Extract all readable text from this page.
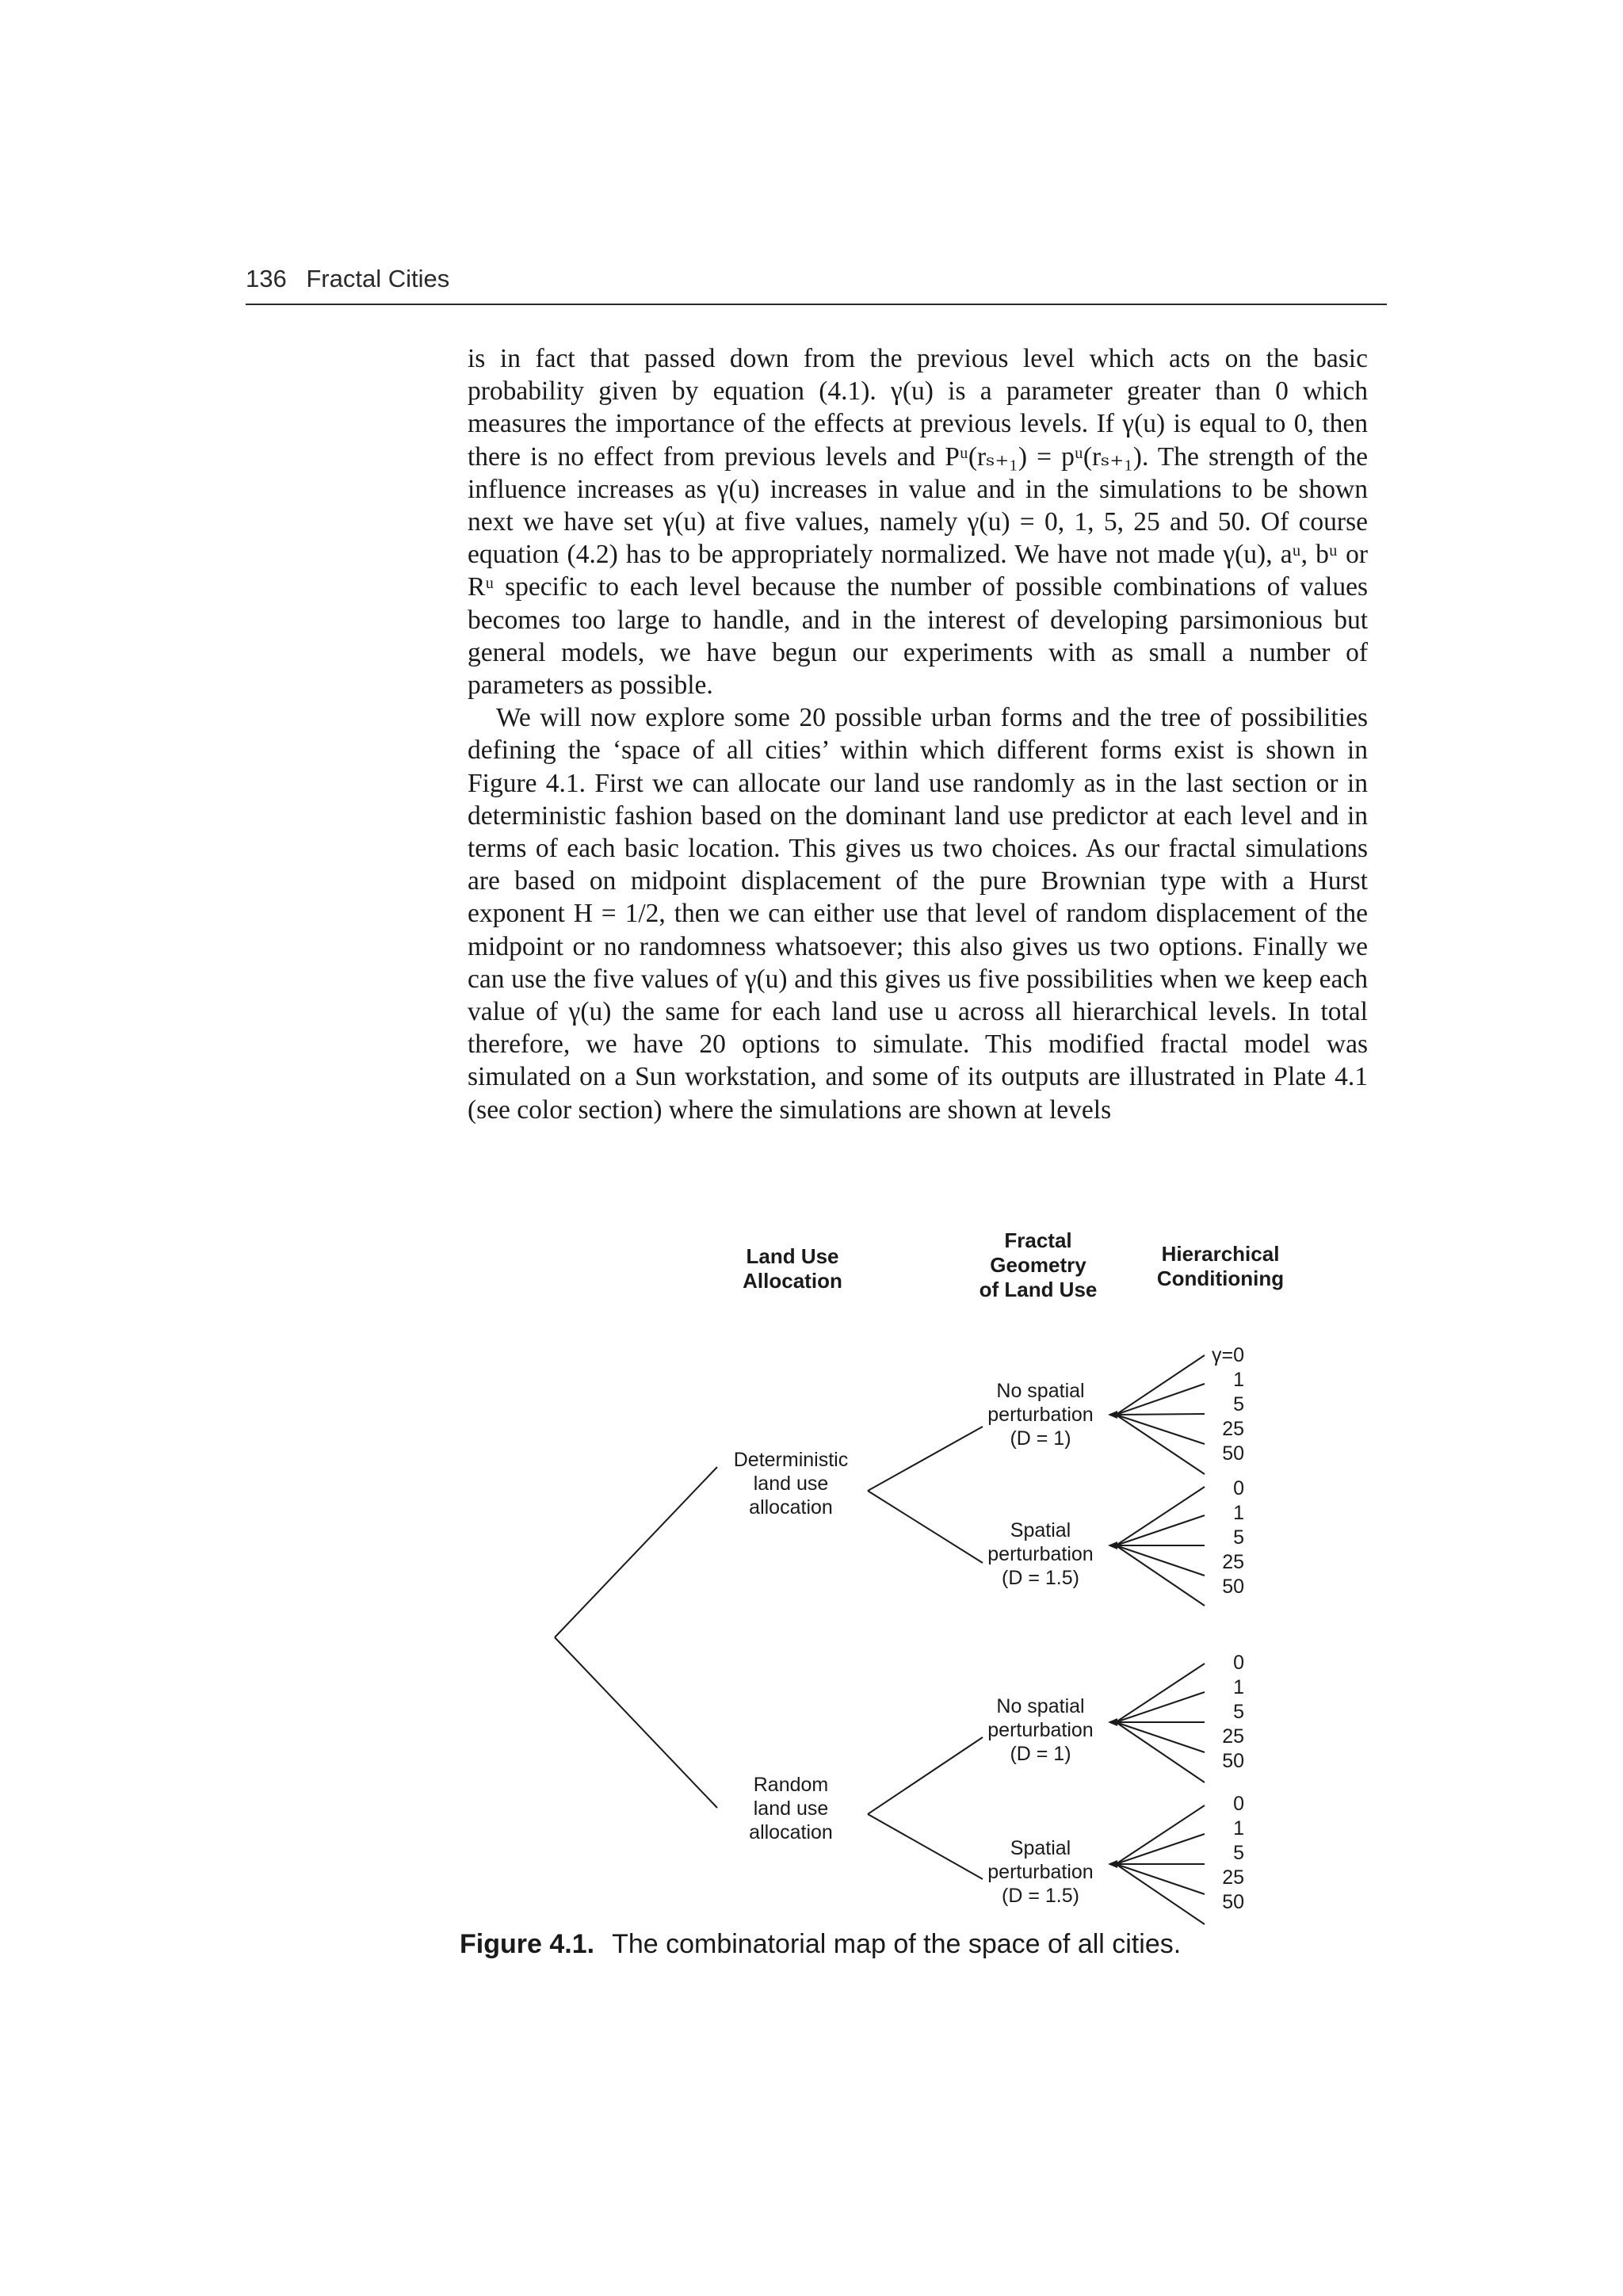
136 Fractal Cities

is in fact that passed down from the previous level which acts on the basic probability given by equation (4.1). γ(u) is a parameter greater than 0 which measures the importance of the effects at previous levels. If γ(u) is equal to 0, then there is no effect from previous levels and Pᵘ(rₛ₊₁) = pᵘ(rₛ₊₁). The strength of the influence increases as γ(u) increases in value and in the simulations to be shown next we have set γ(u) at five values, namely γ(u) = 0, 1, 5, 25 and 50. Of course equation (4.2) has to be appropriately normalized. We have not made γ(u), aᵘ, bᵘ or Rᵘ specific to each level because the number of possible combinations of values becomes too large to handle, and in the interest of developing parsimonious but general models, we have begun our experiments with as small a number of parameters as possible.

We will now explore some 20 possible urban forms and the tree of possibilities defining the ‘space of all cities’ within which different forms exist is shown in Figure 4.1. First we can allocate our land use randomly as in the last section or in deterministic fashion based on the dominant land use predictor at each level and in terms of each basic location. This gives us two choices. As our fractal simulations are based on midpoint displacement of the pure Brownian type with a Hurst exponent H = 1/2, then we can either use that level of random displacement of the midpoint or no randomness whatsoever; this also gives us two options. Finally we can use the five values of γ(u) and this gives us five possibilities when we keep each value of γ(u) the same for each land use u across all hierarchical levels. In total therefore, we have 20 options to simulate. This modified fractal model was simulated on a Sun workstation, and some of its outputs are illustrated in Plate 4.1 (see color section) where the simulations are shown at levels

Land Use
Allocation
Fractal
Geometry
of Land Use
Hierarchical
Conditioning
Deterministic
land use
allocation
Random
land use
allocation
No spatial
perturbation
(D = 1)
Spatial
perturbation
(D = 1.5)
No spatial
perturbation
(D = 1)
Spatial
perturbation
(D = 1.5)
γ=0
1
5
25
50
0
1
5
25
50
0
1
5
25
50
0
1
5
25
50
Figure 4.1. The combinatorial map of the space of all cities.
